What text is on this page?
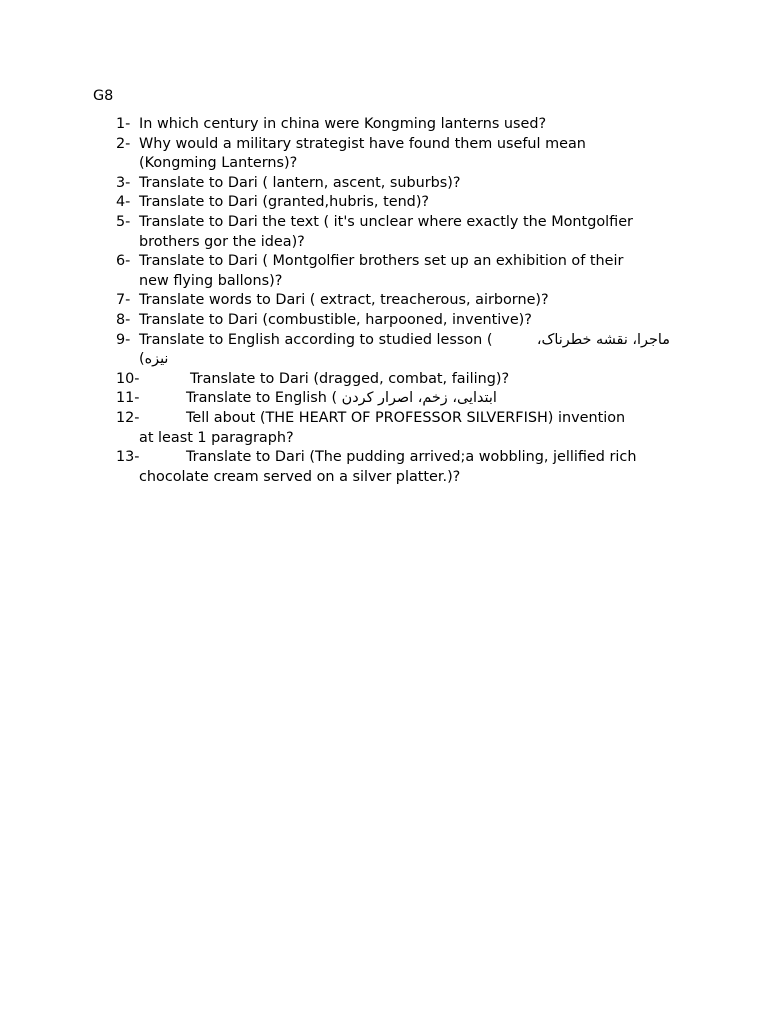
G8
1- In which century in china were Kongming lanterns used?
2- Why would a military strategist have found them useful mean
(Kongming Lanterns)?
3- Translate to Dari ( lantern, ascent, suburbs)?
4- Translate to Dari (granted,hubris, tend)?
5- Translate to Dari the text ( it's unclear where exactly the Montgolfier
brothers gor the idea)?
6- Translate to Dari ( Montgolfier brothers set up an exhibition of their
new flying ballons)?
7- Translate words to Dari ( extract, treacherous, airborne)?
8- Translate to Dari (combustible, harpooned, inventive)?
9- Translate to English according to studied lesson (	ماجرا، نقشه خطرناک،
نیزه)
10-	Translate to Dari (dragged, combat, failing)?
11-	Translate to English ( ابتدایی، زخم، اصرار کردن
12-	Tell about (THE HEART OF PROFESSOR SILVERFISH) invention
at least 1 paragraph?
13-	Translate to Dari (The pudding arrived;a wobbling, jellified rich
chocolate cream served on a silver platter.)?
